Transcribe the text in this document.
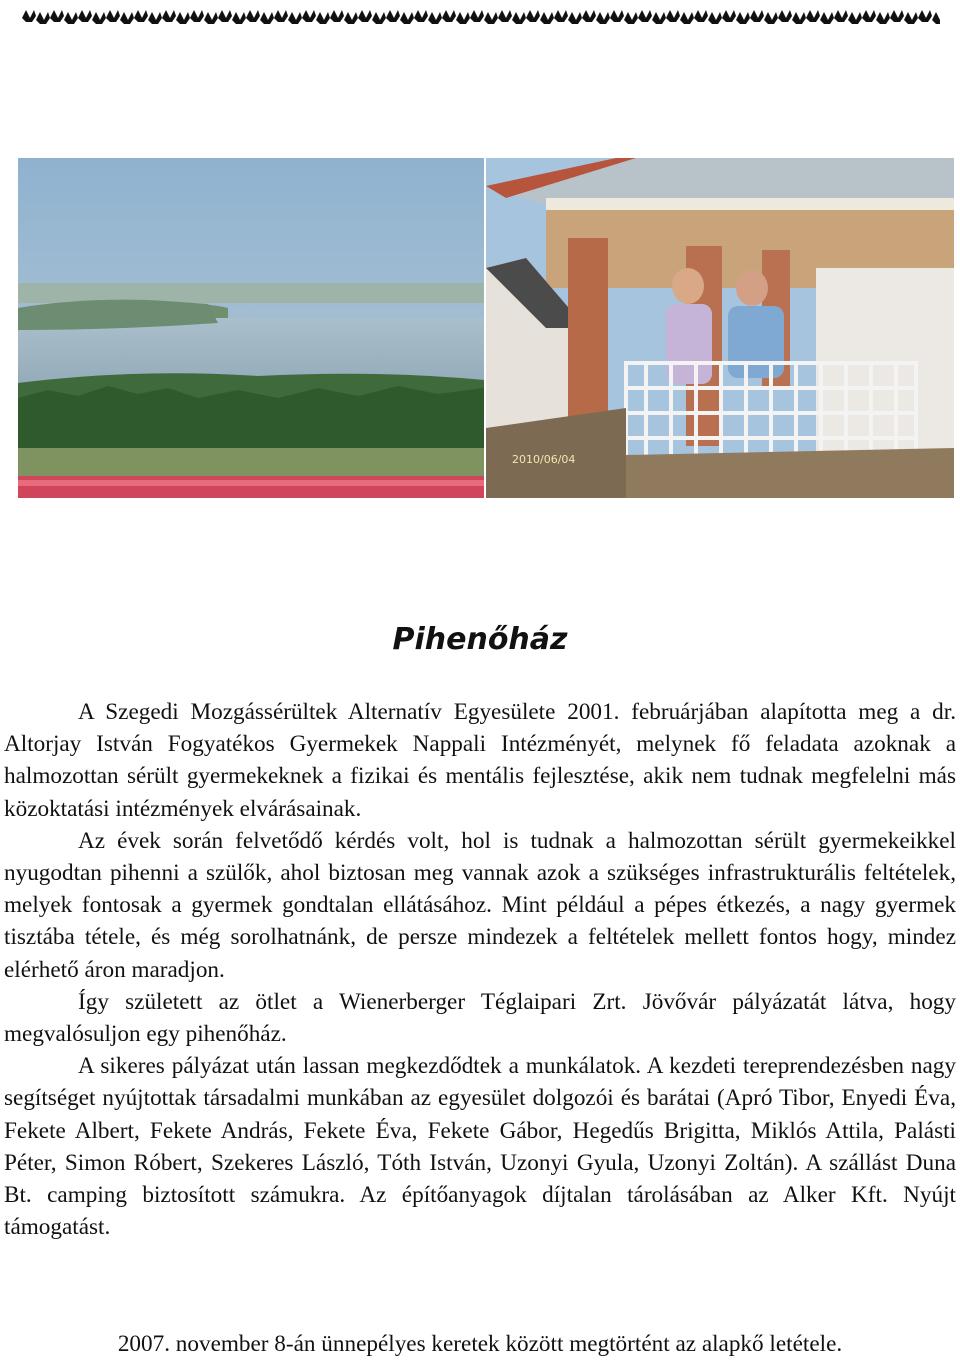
2010/06/04
Pihenőház

A Szegedi Mozgássérültek Alternatív Egyesülete 2001. februárjában alapította meg a dr. Altorjay István Fogyatékos Gyermekek Nappali Intézményét, melynek fő feladata azoknak a halmozottan sérült gyermekeknek a fizikai és mentális fejlesztése, akik nem tudnak megfelelni más közoktatási intézmények elvárásainak.

Az évek során felvetődő kérdés volt, hol is tudnak a halmozottan sérült gyermekeikkel nyugodtan pihenni a szülők, ahol biztosan meg vannak azok a szükséges infrastrukturális feltételek, melyek fontosak a gyermek gondtalan ellátásához. Mint például a pépes étkezés, a nagy gyermek tisztába tétele, és még sorolhatnánk, de persze mindezek a feltételek mellett fontos hogy, mindez elérhető áron maradjon.

Így született az ötlet a Wienerberger Téglaipari Zrt. Jövővár pályázatát látva, hogy megvalósuljon egy pihenőház.

A sikeres pályázat után lassan megkezdődtek a munkálatok. A kezdeti tereprendezésben nagy segítséget nyújtottak társadalmi munkában az egyesület dolgozói és barátai (Apró Tibor, Enyedi Éva, Fekete Albert, Fekete András, Fekete Éva, Fekete Gábor, Hegedűs Brigitta, Miklós Attila, Palásti Péter, Simon Róbert, Szekeres László, Tóth István, Uzonyi Gyula, Uzonyi Zoltán). A szállást Duna Bt. camping biztosított számukra. Az építőanyagok díjtalan tárolásában az Alker Kft. Nyújt támogatást.

2007. november 8-án ünnepélyes keretek között megtörtént az alapkő letétele.
